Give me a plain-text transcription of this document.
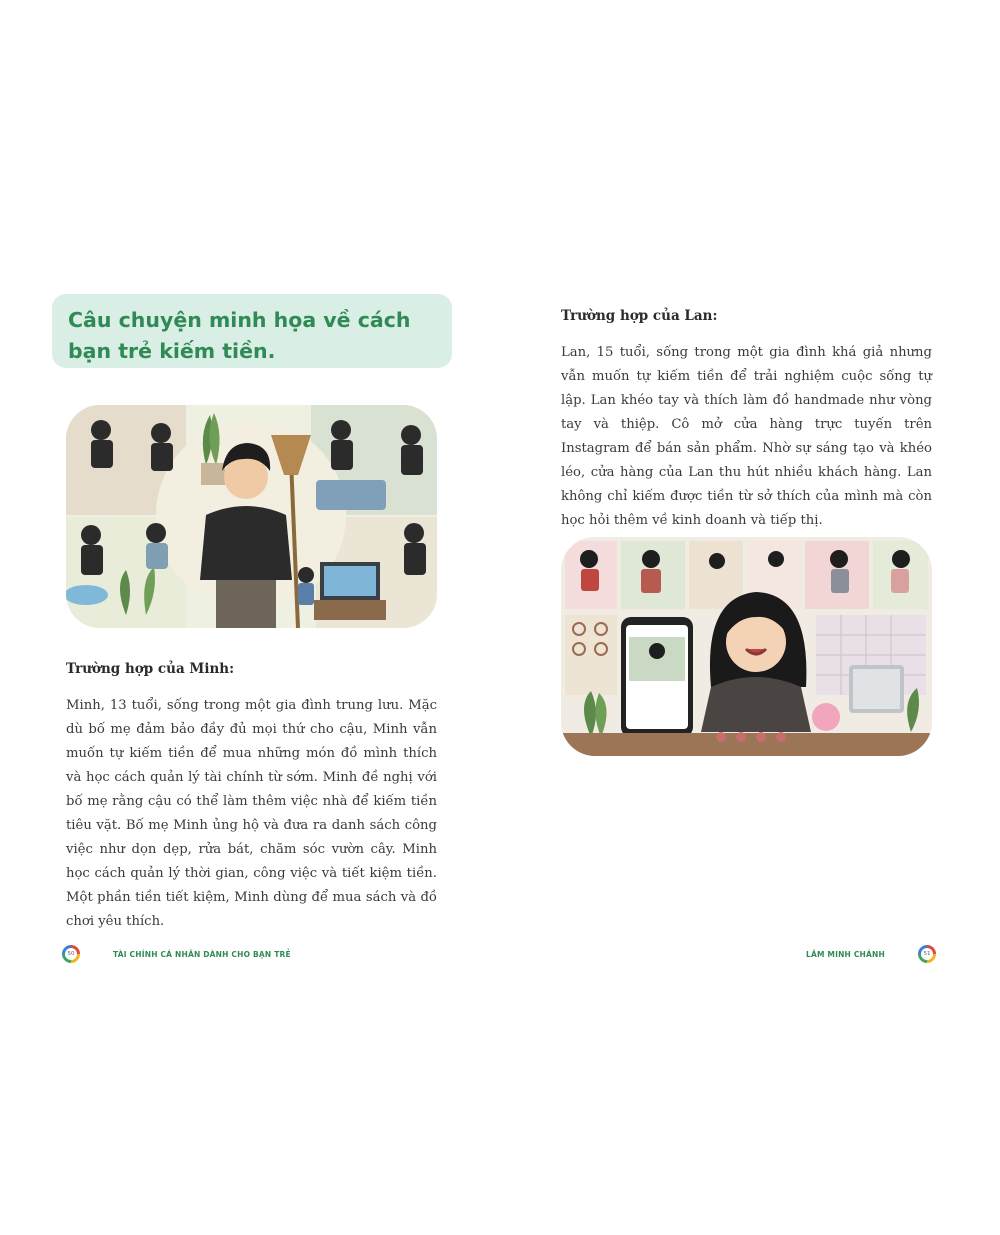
Câu chuyện minh họa về cách bạn trẻ kiếm tiền.

Trường hợp của Minh:

Minh, 13 tuổi, sống trong một gia đình trung lưu. Mặc dù bố mẹ đảm bảo đầy đủ mọi thứ cho cậu, Minh vẫn muốn tự kiếm tiền để mua những món đồ mình thích và học cách quản lý tài chính từ sớm. Minh đề nghị với bố mẹ rằng cậu có thể làm thêm việc nhà để kiếm tiền tiêu vặt. Bố mẹ Minh ủng hộ và đưa ra danh sách công việc như dọn dẹp, rửa bát, chăm sóc vườn cây. Minh học cách quản lý thời gian, công việc và tiết kiệm tiền. Một phần tiền tiết kiệm, Minh dùng để mua sách và đồ chơi yêu thích.

50	TÀI CHÍNH CÁ NHÂN DÀNH CHO BẠN TRẺ
Trường hợp của Lan:

Lan, 15 tuổi, sống trong một gia đình khá giả nhưng vẫn muốn tự kiếm tiền để trải nghiệm cuộc sống tự lập. Lan khéo tay và thích làm đồ handmade như vòng tay và thiệp. Cô mở cửa hàng trực tuyến trên Instagram để bán sản phẩm. Nhờ sự sáng tạo và khéo léo, cửa hàng của Lan thu hút nhiều khách hàng. Lan không chỉ kiếm được tiền từ sở thích của mình mà còn học hỏi thêm về kinh doanh và tiếp thị.

LÂM MINH CHÁNH	51
